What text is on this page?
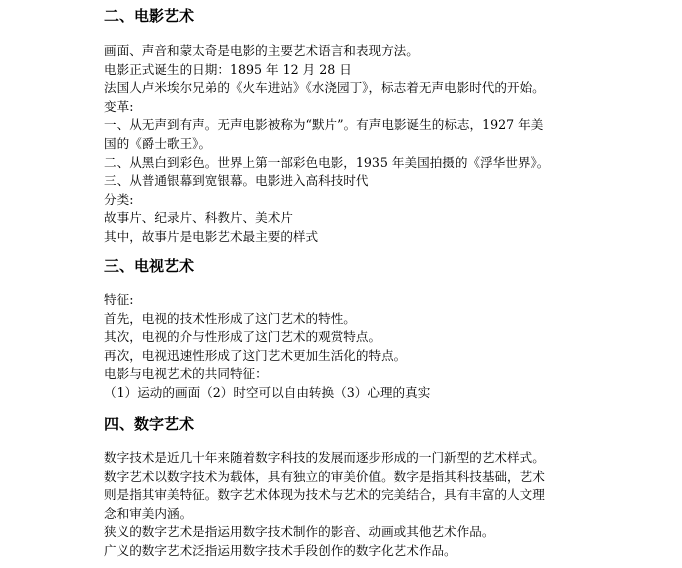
二、电影艺术
画面、声音和蒙太奇是电影的主要艺术语言和表现方法。
电影正式诞生的日期：1895 年 12 月 28 日
法国人卢米埃尔兄弟的《火车进站》《水浇园丁》，标志着无声电影时代的开始。
变革:
一、从无声到有声。无声电影被称为“默片”。有声电影诞生的标志，1927 年美
国的《爵士歌王》。
二、从黑白到彩色。世界上第一部彩色电影，1935 年美国拍摄的《浮华世界》。
三、从普通银幕到宽银幕。电影进入高科技时代
分类:
故事片、纪录片、科教片、美术片
其中，故事片是电影艺术最主要的样式
三、电视艺术
特征:
首先，电视的技术性形成了这门艺术的特性。
其次，电视的介与性形成了这门艺术的观赏特点。
再次，电视迅速性形成了这门艺术更加生活化的特点。
电影与电视艺术的共同特征：
（1）运动的画面（2）时空可以自由转换（3）心理的真实
四、数字艺术
数字技术是近几十年来随着数字科技的发展而逐步形成的一门新型的艺术样式。
数字艺术以数字技术为载体，具有独立的审美价值。数字是指其科技基础，艺术
则是指其审美特征。数字艺术体现为技术与艺术的完美结合，具有丰富的人文理
念和审美内涵。
狭义的数字艺术是指运用数字技术制作的影音、动画或其他艺术作品。
广义的数字艺术泛指运用数字技术手段创作的数字化艺术作品。
